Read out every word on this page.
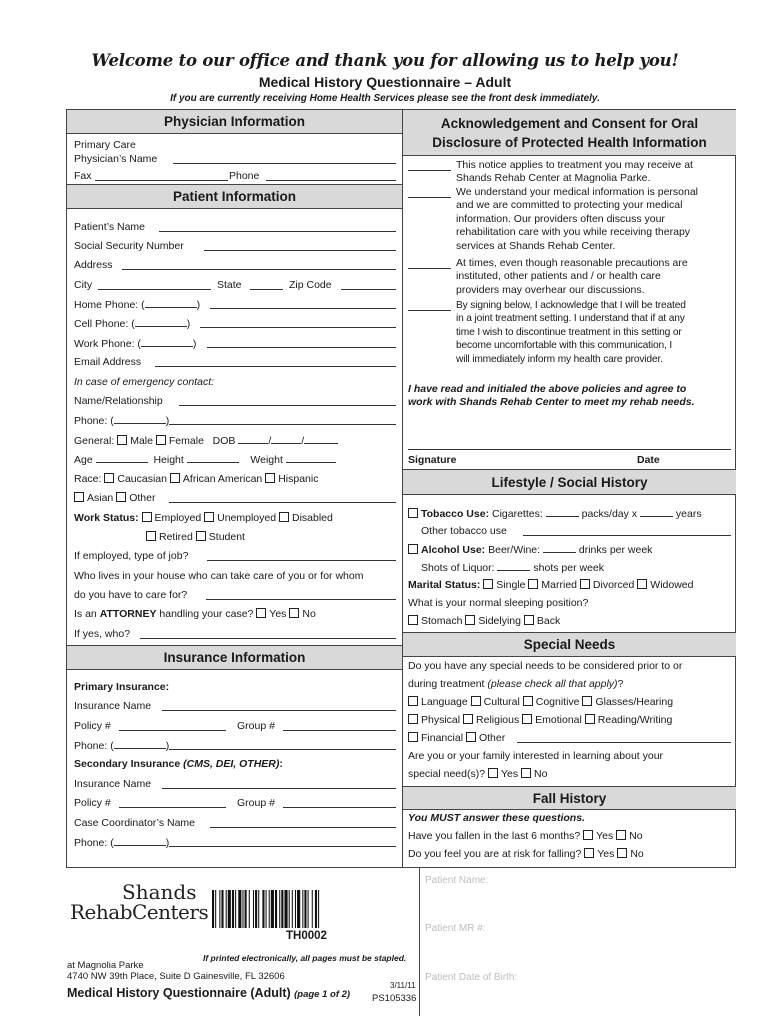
Welcome to our office and thank you for allowing us to help you!
Medical History Questionnaire – Adult
If you are currently receiving Home Health Services please see the front desk immediately.
Physician Information
Primary Care
Physician’s Name
Fax	Phone
Patient Information
Patient’s Name
Social Security Number
Address
City	State	Zip Code
Home Phone: (	)
Cell Phone: (	)
Work Phone: (	)
Email Address
In case of emergency contact:
Name/Relationship
Phone: (	)
General: Male Female DOB	/	/
Age	Height	Weight
Race: Caucasian African American Hispanic
Asian Other
Work Status: Employed Unemployed Disabled
Retired Student
If employed, type of job?
Who lives in your house who can take care of you or for whom
do you have to care for?
Is an ATTORNEY handling your case? Yes No
If yes, who?
Insurance Information
Primary Insurance:
Insurance Name
Policy #	Group #
Phone: (	)
Secondary Insurance (CMS, DEI, OTHER):
Insurance Name
Policy #	Group #
Case Coordinator’s Name
Phone: (	)
Acknowledgement and Consent for Oral
Disclosure of Protected Health Information
This notice applies to treatment you may receive at
Shands Rehab Center at Magnolia Parke.
We understand your medical information is personal
and we are committed to protecting your medical
information. Our providers often discuss your
rehabilitation care with you while receiving therapy
services at Shands Rehab Center.
At times, even though reasonable precautions are
instituted, other patients and / or health care
providers may overhear our discussions.
By signing below, I acknowledge that I will be treated
in a joint treatment setting. I understand that if at any
time I wish to discontinue treatment in this setting or
become uncomfortable with this communication, I
will immediately inform my health care provider.
I have read and initialed the above policies and agree to
work with Shands Rehab Center to meet my rehab needs.
Signature	Date
Lifestyle / Social History
Tobacco Use: Cigarettes:	packs/day x	years
Other tobacco use
Alcohol Use: Beer/Wine:	drinks per week
Shots of Liquor:	shots per week
Marital Status: Single Married Divorced Widowed
What is your normal sleeping position?
Stomach Sidelying Back
Special Needs
Do you have any special needs to be considered prior to or
during treatment (please check all that apply)?
Language Cultural Cognitive Glasses/Hearing
Physical Religious Emotional Reading/Writing
Financial Other
Are you or your family interested in learning about your
special need(s)? Yes No
Fall History
You MUST answer these questions.
Have you fallen in the last 6 months? Yes No
Do you feel you are at risk for falling? Yes No
Shands
RehabCenters
TH0002
If printed electronically, all pages must be stapled.
at Magnolia Parke
4740 NW 39th Place, Suite D Gainesville, FL 32606
Medical History Questionnaire (Adult) (page 1 of 2)
3/11/11
PS105336
Patient Name:
Patient MR #:
Patient Date of Birth:
